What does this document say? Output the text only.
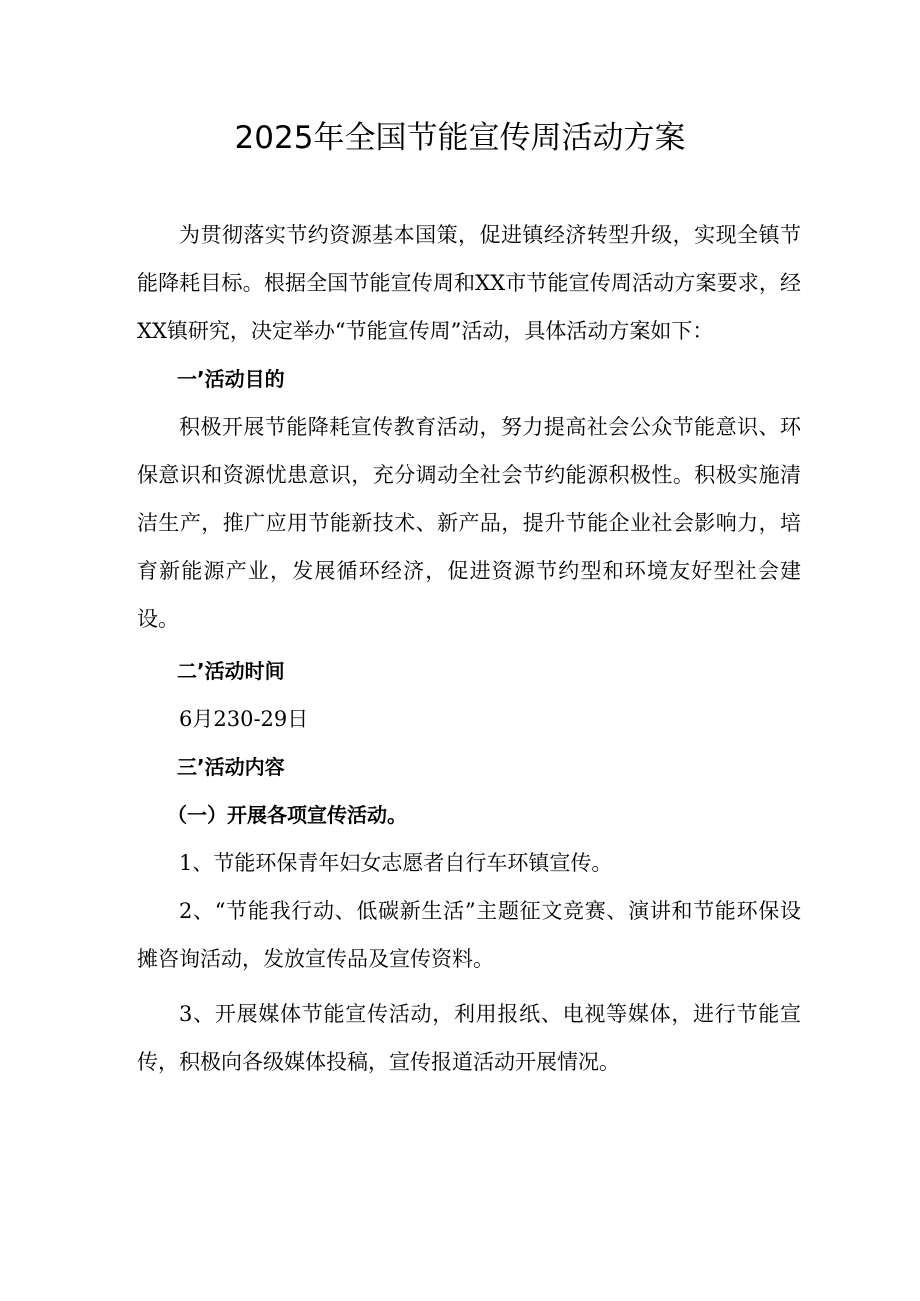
2025年全国节能宣传周活动方案

为贯彻落实节约资源基本国策，促进镇经济转型升级，实现全镇节能降耗目标。根据全国节能宣传周和XX市节能宣传周活动方案要求，经XX镇研究，决定举办“节能宣传周”活动，具体活动方案如下：

一’活动目的

积极开展节能降耗宣传教育活动，努力提高社会公众节能意识、环保意识和资源忧患意识，充分调动全社会节约能源积极性。积极实施清洁生产，推广应用节能新技术、新产品，提升节能企业社会影响力，培育新能源产业，发展循环经济，促进资源节约型和环境友好型社会建设。

二’活动时间

6月230-29日

三’活动内容

（一）开展各项宣传活动。

1、节能环保青年妇女志愿者自行车环镇宣传。

2、“节能我行动、低碳新生活”主题征文竞赛、演讲和节能环保设摊咨询活动，发放宣传品及宣传资料。

3、开展媒体节能宣传活动，利用报纸、电视等媒体，进行节能宣传，积极向各级媒体投稿，宣传报道活动开展情况。
